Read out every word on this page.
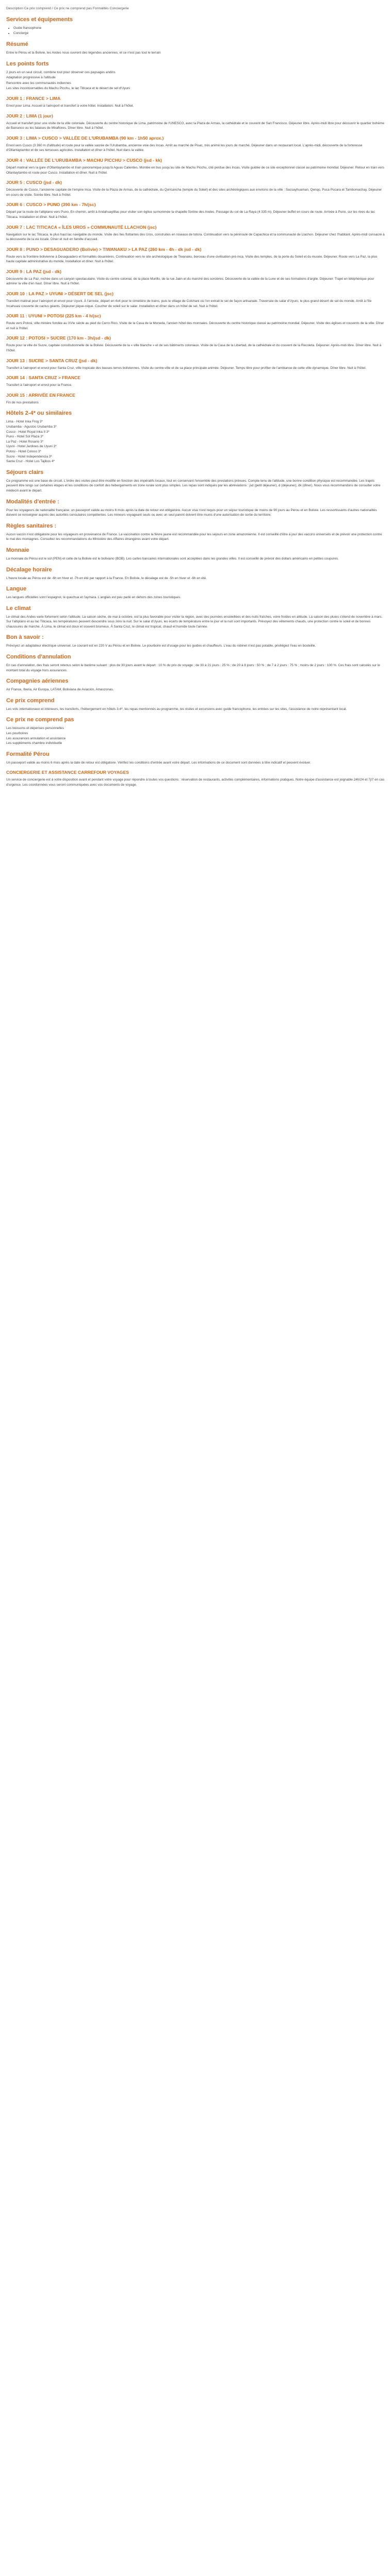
Description Ce prix comprend / Ce prix ne comprend pas Formalités Conciergerie

Services et équipements
• Guide francophone
• Concierge
Résumé

Entre le Pérou et la Bolivie, les Andes nous ouvrent des légendes anciennes, et ce n'est pas tout le terrain

Les points forts

2 jours en un seul circuit, combine tout pour observer ces paysages andins

Adaptation progressive à l'altitude

Rencontre avec les communautés indiennes

Les sites incontournables du Machu Picchu, le lac Titicaca et le désert de sel d'Uyuni

JOUR 1 : FRANCE > LIMA

Envol pour Lima. Accueil à l'aéroport et transfert à votre hôtel. Installation. Nuit à l'hôtel.

JOUR 2 : LIMA (1 jour)

Accueil et transfert pour une visite de la ville coloniale. Découverte du centre historique de Lima, patrimoine de l'UNESCO, avec la Plaza de Armas, la cathédrale et le couvent de San Francisco. Déjeuner libre. Après-midi libre pour découvrir le quartier bohème de Barranco ou les falaises de Miraflores. Dîner libre. Nuit à l'hôtel.

JOUR 3 : LIMA > CUSCO > VALLÉE DE L'URUBAMBA (90 km - 1h50 aprox.)

Envol vers Cusco (3 360 m d'altitude) et route pour la vallée sacrée de l'Urubamba, ancienne voie des Incas. Arrêt au marché de Pisac, très animé les jours de marché. Déjeuner dans un restaurant local. L'après-midi, découverte de la forteresse d'Ollantaytambo et de ses terrasses agricoles. Installation et dîner à l'hôtel. Nuit dans la vallée.

JOUR 4 : VALLÉE DE L'URUBAMBA > MACHU PICCHU > CUSCO (jsd - kk)

Départ matinal vers la gare d'Ollantaytambo et train panoramique jusqu'à Aguas Calientes. Montée en bus jusqu'au site de Machu Picchu, cité perdue des Incas. Visite guidée de ce site exceptionnel classé au patrimoine mondial. Déjeuner. Retour en train vers Ollantaytambo et route pour Cusco. Installation et dîner. Nuit à l'hôtel.

JOUR 5 : CUSCO (jsd - dk)

Découverte de Cusco, l'ancienne capitale de l'empire Inca. Visite de la Plaza de Armas, de la cathédrale, du Qoricancha (temple du Soleil) et des sites archéologiques aux environs de la ville : Sacsayhuaman, Qenqo, Puca Pucara et Tambomachay. Déjeuner en cours de visite. Soirée libre. Nuit à l'hôtel.

JOUR 6 : CUSCO > PUNO (390 km - 7h/jsc)

Départ par la route de l'altiplano vers Puno. En chemin, arrêt à Andahuaylillas pour visiter son église surnommée la chapelle Sixtine des Andes. Passage du col de La Raya (4 335 m). Déjeuner buffet en cours de route. Arrivée à Puno, sur les rives du lac Titicaca. Installation et dîner. Nuit à l'hôtel.

JOUR 7 : LAC TITICACA « ÎLES UROS » COMMUNAUTÉ LLACHON (jsc)

Navigation sur le lac Titicaca, le plus haut lac navigable du monde. Visite des îles flottantes des Uros, construites en roseaux de totora. Continuation vers la péninsule de Capachica et la communauté de Llachon. Déjeuner chez l'habitant. Après-midi consacré à la découverte de la vie locale. Dîner et nuit en famille d'accueil.

JOUR 8 : PUNO > DESAGUADERO (Bolivie) > TIWANAKU > LA PAZ (260 km - 4h - dk jsd - dk)

Route vers la frontière bolivienne à Desaguadero et formalités douanières. Continuation vers le site archéologique de Tiwanaku, berceau d'une civilisation pré-inca. Visite des temples, de la porte du Soleil et du musée. Déjeuner. Route vers La Paz, la plus haute capitale administrative du monde. Installation et dîner. Nuit à l'hôtel.

JOUR 9 : LA PAZ (jsd - dk)

Découverte de La Paz, nichée dans un canyon spectaculaire. Visite du centre colonial, de la place Murillo, de la rue Jaén et du marché des sorcières. Découverte de la vallée de la Lune et de ses formations d'argile. Déjeuner. Trajet en téléphérique pour admirer la ville d'en haut. Dîner libre. Nuit à l'hôtel.

JOUR 10 : LA PAZ > UYUNI > DÉSERT DE SEL (jsc)

Transfert matinal pour l'aéroport et envol pour Uyuni. À l'arrivée, départ en 4x4 pour le cimetière de trains, puis le village de Colchani où l'on extrait le sel de façon artisanale. Traversée du salar d'Uyuni, le plus grand désert de sel du monde. Arrêt à l'île Incahuasi couverte de cactus géants. Déjeuner pique-nique. Coucher de soleil sur le salar. Installation et dîner dans un hôtel de sel. Nuit à l'hôtel.

JOUR 11 : UYUNI > POTOSI (225 km - 4 h/jsc)

Route vers Potosi, ville minière fondée au XVIe siècle au pied du Cerro Rico. Visite de la Casa de la Moneda, l'ancien hôtel des monnaies. Découverte du centre historique classé au patrimoine mondial. Déjeuner. Visite des églises et couvents de la ville. Dîner et nuit à l'hôtel.

JOUR 12 : POTOSI > SUCRE (170 km - 3h/jsd - dk)

Route pour la ville de Sucre, capitale constitutionnelle de la Bolivie. Découverte de la « ville blanche » et de ses bâtiments coloniaux. Visite de la Casa de la Libertad, de la cathédrale et du couvent de la Recoleta. Déjeuner. Après-midi libre. Dîner libre. Nuit à l'hôtel.

JOUR 13 : SUCRE > SANTA CRUZ (jsd - dk)

Transfert à l'aéroport et envol pour Santa Cruz, ville tropicale des basses terres boliviennes. Visite du centre-ville et de sa place principale animée. Déjeuner. Temps libre pour profiter de l'ambiance de cette ville dynamique. Dîner libre. Nuit à l'hôtel.

JOUR 14 : SANTA CRUZ > FRANCE

Transfert à l'aéroport et envol pour la France.

JOUR 15 : ARRIVÉE EN FRANCE

Fin de nos prestations

Hôtels 2-4* ou similaires

Lima - Hotel Inka Frog 3*

Urubamba - Agustos Urubamba 3*

Cusco - Hotel Royal Inka II 3*

Puno - Hotel Sol Plaza 3*

La Paz - Hotel Rosario 3*

Uyuni - Hotel Jardines de Uyuni 3*

Potosi - Hotel Coloso 3*

Sucre - Hotel Independencia 3*

Santa Cruz - Hotel Los Tajibos 4*

Séjours clairs

Ce programme est une base de circuit. L'ordre des visites peut être modifié en fonction des impératifs locaux, tout en conservant l'ensemble des prestations prévues. Compte tenu de l'altitude, une bonne condition physique est recommandée. Les trajets peuvent être longs sur certaines étapes et les conditions de confort des hébergements en zone rurale sont plus simples. Les repas sont indiqués par les abréviations : jsd (petit déjeuner), d (déjeuner), dk (dîner). Nous vous recommandons de consulter votre médecin avant le départ.

Modalités d'entrée :

Pour les voyageurs de nationalité française, un passeport valide au moins 6 mois après la date de retour est obligatoire. Aucun visa n'est requis pour un séjour touristique de moins de 90 jours au Pérou et en Bolivie. Les ressortissants d'autres nationalités doivent se renseigner auprès des autorités consulaires compétentes. Les mineurs voyageant seuls ou avec un seul parent doivent être munis d'une autorisation de sortie du territoire.

Règles sanitaires :

Aucun vaccin n'est obligatoire pour les voyageurs en provenance de France. La vaccination contre la fièvre jaune est recommandée pour les séjours en zone amazonienne. Il est conseillé d'être à jour des vaccins universels et de prévoir une protection contre le mal des montagnes. Consultez les recommandations du Ministère des Affaires étrangères avant votre départ.

Monnaie

La monnaie du Pérou est le sol (PEN) et celle de la Bolivie est le boliviano (BOB). Les cartes bancaires internationales sont acceptées dans les grandes villes. Il est conseillé de prévoir des dollars américains en petites coupures.

Décalage horaire

L'heure locale au Pérou est de -6h en hiver et -7h en été par rapport à la France. En Bolivie, le décalage est de -5h en hiver et -6h en été.

Langue

Les langues officielles sont l'espagnol, le quechua et l'aymara. L'anglais est peu parlé en dehors des zones touristiques.

Le climat

Le climat des Andes varie fortement selon l'altitude. La saison sèche, de mai à octobre, est la plus favorable pour visiter la région, avec des journées ensoleillées et des nuits fraîches, voire froides en altitude. La saison des pluies s'étend de novembre à mars. Sur l'altiplano et au lac Titicaca, les températures peuvent descendre sous zéro la nuit. Sur le salar d'Uyuni, les écarts de température entre le jour et la nuit sont importants. Prévoyez des vêtements chauds, une protection contre le soleil et de bonnes chaussures de marche. À Lima, le climat est doux et souvent brumeux. À Santa Cruz, le climat est tropical, chaud et humide toute l'année.

Bon à savoir :

Prévoyez un adaptateur électrique universel. Le courant est en 220 V au Pérou et en Bolivie. Le pourboire est d'usage pour les guides et chauffeurs. L'eau du robinet n'est pas potable, privilégiez l'eau en bouteille.

Conditions d'annulation

En cas d'annulation, des frais seront retenus selon le barème suivant : plus de 30 jours avant le départ : 10 % du prix du voyage ; de 30 à 21 jours : 25 % ; de 20 à 8 jours : 50 % ; de 7 à 2 jours : 75 % ; moins de 2 jours : 100 %. Ces frais sont calculés sur le montant total du voyage hors assurances.

Compagnies aériennes

Air France, Iberia, Air Europa, LATAM, Boliviana de Aviación, Amaszonas.

Ce prix comprend

Les vols internationaux et intérieurs, les transferts, l'hébergement en hôtels 3-4*, les repas mentionnés au programme, les visites et excursions avec guide francophone, les entrées sur les sites, l'assistance de notre représentant local.

Ce prix ne comprend pas

Les boissons et dépenses personnelles

Les pourboires

Les assurances annulation et assistance

Les suppléments chambre individuelle

Formalité Pérou

Un passeport valide au moins 6 mois après la date de retour est obligatoire. Vérifiez les conditions d'entrée avant votre départ. Les informations de ce document sont données à titre indicatif et peuvent évoluer.

CONCIERGERIE ET ASSISTANCE CARREFOUR VOYAGES

Un service de conciergerie est à votre disposition avant et pendant votre voyage pour répondre à toutes vos questions : réservation de restaurants, activités complémentaires, informations pratiques. Notre équipe d'assistance est joignable 24h/24 et 7j/7 en cas d'urgence. Les coordonnées vous seront communiquées avec vos documents de voyage.
